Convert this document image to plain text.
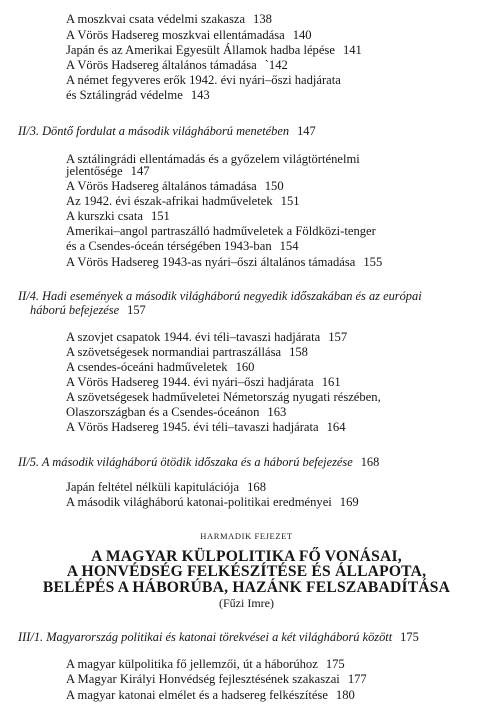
A moszkvai csata védelmi szakasza 138
A Vörös Hadsereg moszkvai ellentámadása 140
Japán és az Amerikai Egyesült Államok hadba lépése 141
A Vörös Hadsereg általános támadása `142
A német fegyveres erők 1942. évi nyári–őszi hadjárata
és Sztálingrád védelme 143
II/3. Döntő fordulat a második világháború menetében 147
A sztálingrádi ellentámadás és a győzelem világtörténelmi
jelentősége 147
A Vörös Hadsereg általános támadása 150
Az 1942. évi észak-afrikai hadműveletek 151
A kurszki csata 151
Amerikai–angol partraszálló hadműveletek a Földközi-tenger
és a Csendes-óceán térségében 1943-ban 154
A Vörös Hadsereg 1943-as nyári–őszi általános támadása 155
II/4. Hadi események a második világháború negyedik időszakában és az európai
háború befejezése 157
A szovjet csapatok 1944. évi téli–tavaszi hadjárata 157
A szövetségesek normandiai partraszállása 158
A csendes-óceáni hadműveletek 160
A Vörös Hadsereg 1944. évi nyári–őszi hadjárata 161
A szövetségesek hadműveletei Németország nyugati részében,
Olaszországban és a Csendes-óceánon 163
A Vörös Hadsereg 1945. évi téli–tavaszi hadjárata 164
II/5. A második világháború ötödik időszaka és a háború befejezése 168
Japán feltétel nélküli kapitulációja 168
A második világháború katonai-politikai eredményei 169
HARMADIK FEJEZET
A MAGYAR KÜLPOLITIKA FŐ VONÁSAI,
A HONVÉDSÉG FELKÉSZÍTÉSE ÉS ÁLLAPOTA,
BELÉPÉS A HÁBORÚBA, HAZÁNK FELSZABADÍTÁSA
(Fűzi Imre)
III/1. Magyarország politikai és katonai törekvései a két világháború között 175
A magyar külpolitika fő jellemzői, út a háborúhoz 175
A Magyar Királyi Honvédség fejlesztésének szakaszai 177
A magyar katonai elmélet és a hadsereg felkészítése 180
